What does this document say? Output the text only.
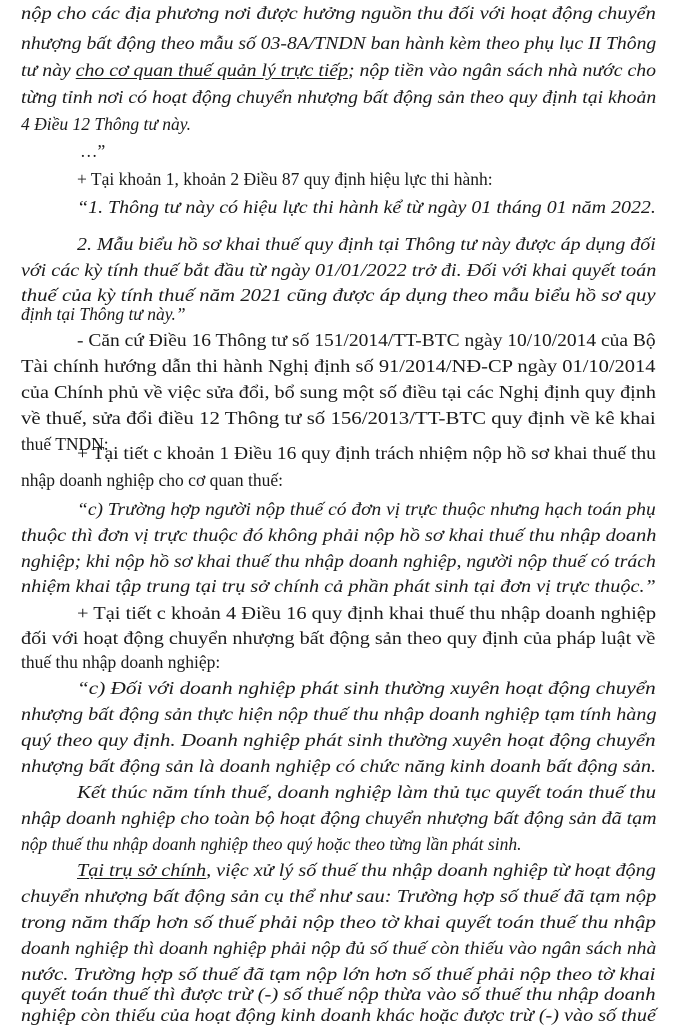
nộp cho các địa phương nơi được hưởng nguồn thu đối với hoạt động chuyển

nhượng bất động theo mẫu số 03-8A/TNDN ban hành kèm theo phụ lục II Thông

tư này cho cơ quan thuế quản lý trực tiếp; nộp tiền vào ngân sách nhà nước cho

từng tỉnh nơi có hoạt động chuyển nhượng bất động sản theo quy định tại khoản

4 Điều 12 Thông tư này.

…”

+ Tại khoản 1, khoản 2 Điều 87 quy định hiệu lực thi hành:

“1. Thông tư này có hiệu lực thi hành kể từ ngày 01 tháng 01 năm 2022.

2. Mẫu biểu hồ sơ khai thuế quy định tại Thông tư này được áp dụng đối

với các kỳ tính thuế bắt đầu từ ngày 01/01/2022 trở đi. Đối với khai quyết toán

thuế của kỳ tính thuế năm 2021 cũng được áp dụng theo mẫu biểu hồ sơ quy

định tại Thông tư này.”

- Căn cứ Điều 16 Thông tư số 151/2014/TT-BTC ngày 10/10/2014 của Bộ

Tài chính hướng dẫn thi hành Nghị định số 91/2014/NĐ-CP ngày 01/10/2014

của Chính phủ về việc sửa đổi, bổ sung một số điều tại các Nghị định quy định

về thuế, sửa đổi điều 12 Thông tư số 156/2013/TT-BTC quy định về kê khai

thuế TNDN:

+ Tại tiết c khoản 1 Điều 16 quy định trách nhiệm nộp hồ sơ khai thuế thu

nhập doanh nghiệp cho cơ quan thuế:

“c) Trường hợp người nộp thuế có đơn vị trực thuộc nhưng hạch toán phụ

thuộc thì đơn vị trực thuộc đó không phải nộp hồ sơ khai thuế thu nhập doanh

nghiệp; khi nộp hồ sơ khai thuế thu nhập doanh nghiệp, người nộp thuế có trách

nhiệm khai tập trung tại trụ sở chính cả phần phát sinh tại đơn vị trực thuộc.”

+ Tại tiết c khoản 4 Điều 16 quy định khai thuế thu nhập doanh nghiệp

đối với hoạt động chuyển nhượng bất động sản theo quy định của pháp luật về

thuế thu nhập doanh nghiệp:

“c) Đối với doanh nghiệp phát sinh thường xuyên hoạt động chuyển

nhượng bất động sản thực hiện nộp thuế thu nhập doanh nghiệp tạm tính hàng

quý theo quy định. Doanh nghiệp phát sinh thường xuyên hoạt động chuyển

nhượng bất động sản là doanh nghiệp có chức năng kinh doanh bất động sản.

Kết thúc năm tính thuế, doanh nghiệp làm thủ tục quyết toán thuế thu

nhập doanh nghiệp cho toàn bộ hoạt động chuyển nhượng bất động sản đã tạm

nộp thuế thu nhập doanh nghiệp theo quý hoặc theo từng lần phát sinh.

Tại trụ sở chính, việc xử lý số thuế thu nhập doanh nghiệp từ hoạt động

chuyển nhượng bất động sản cụ thể như sau: Trường hợp số thuế đã tạm nộp

trong năm thấp hơn số thuế phải nộp theo tờ khai quyết toán thuế thu nhập

doanh nghiệp thì doanh nghiệp phải nộp đủ số thuế còn thiếu vào ngân sách nhà

nước. Trường hợp số thuế đã tạm nộp lớn hơn số thuế phải nộp theo tờ khai

quyết toán thuế thì được trừ (-) số thuế nộp thừa vào số thuế thu nhập doanh

nghiệp còn thiếu của hoạt động kinh doanh khác hoặc được trừ (-) vào số thuế
